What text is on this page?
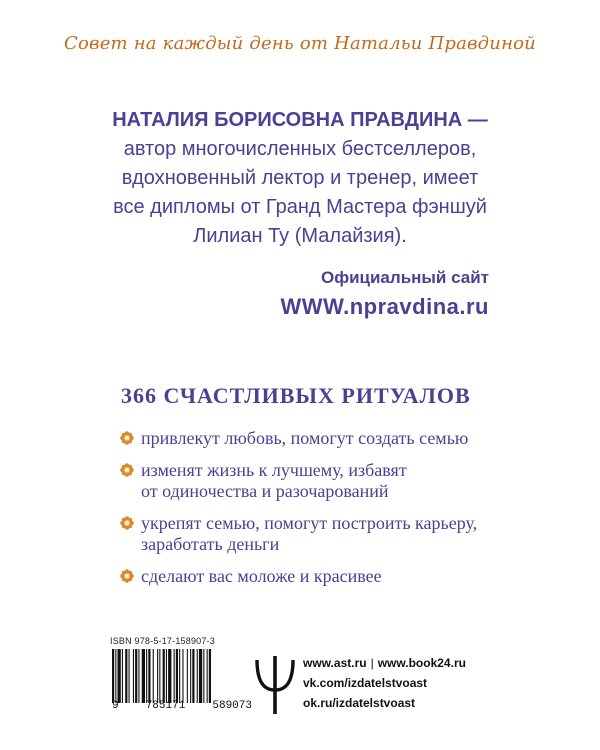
Совет на каждый день от Натальи Правдиной
НАТАЛИЯ БОРИСОВНА ПРАВДИНА —
автор многочисленных бестселлеров,
вдохновенный лектор и тренер, имеет
все дипломы от Гранд Мастера фэншуй
Лилиан Ту (Малайзия).
Официальный сайт
WWW.npravdina.ru
366 СЧАСТЛИВЫХ РИТУАЛОВ
привлекут любовь, помогут создать семью
изменят жизнь к лучшему, избавят
от одиночества и разочарований
укрепят семью, помогут построить карьеру,
заработать деньги
сделают вас моложе и красивее
ISBN 978-5-17-158907-3
9 785171 589073
www.ast.ru | www.book24.ru
vk.com/izdatelstvoast
ok.ru/izdatelstvoast
